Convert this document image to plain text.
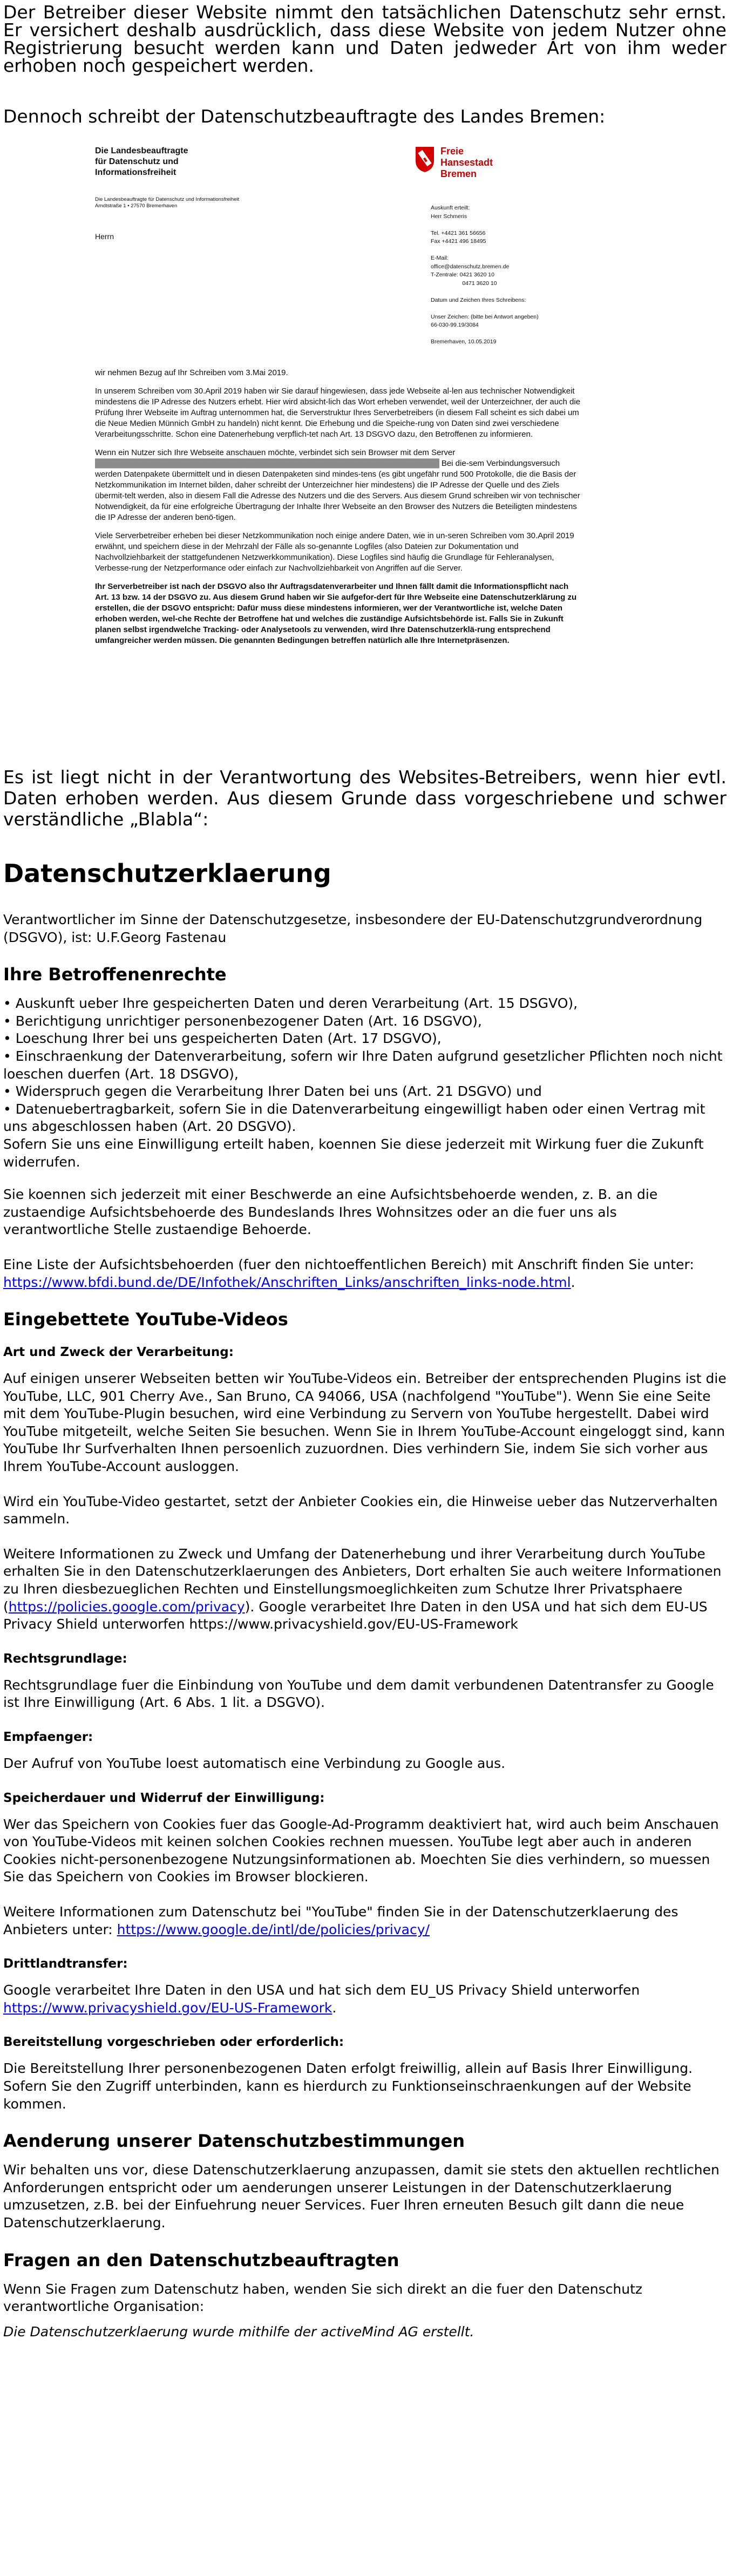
Der Betreiber dieser Website nimmt den tatsächlichen Datenschutz sehr ernst. Er versichert deshalb ausdrücklich, dass diese Website von jedem Nutzer ohne Registrierung besucht werden kann und Daten jedweder Art von ihm weder erhoben noch gespeichert werden.

Dennoch schreibt der Datenschutzbeauftragte des Landes Bremen:
Die Landesbeauftragte
für Datenschutz und
Informationsfreiheit
Freie
Hansestadt
Bremen
Die Landesbeauftragte für Datenschutz und Informationsfreiheit
Arndtstraße 1 • 27570 Bremerhaven
Herrn
Auskunft erteilt:
Herr Schmeris

Tel. +4421 361 56656
Fax +4421 496 18495

E-Mail:
office@datenschutz.bremen.de
T-Zentrale: 0421 3620 10
0471 3620 10

Datum und Zeichen Ihres Schreibens:

Unser Zeichen: (bitte bei Antwort angeben)
66-030-99.19/3084

Bremerhaven, 10.05.2019

wir nehmen Bezug auf Ihr Schreiben vom 3.Mai 2019.

In unserem Schreiben vom 30.April 2019 haben wir Sie darauf hingewiesen, dass jede Webseite al-len aus technischer Notwendigkeit mindestens die IP Adresse des Nutzers erhebt. Hier wird absicht-lich das Wort erheben verwendet, weil der Unterzeichner, der auch die Prüfung Ihrer Webseite im Auftrag unternommen hat, die Serverstruktur Ihres Serverbetreibers (in diesem Fall scheint es sich dabei um die Neue Medien Münnich GmbH zu handeln) nicht kennt. Die Erhebung und die Speiche-rung von Daten sind zwei verschiedene Verarbeitungsschritte. Schon eine Datenerhebung verpflich-tet nach Art. 13 DSGVO dazu, den Betroffenen zu informieren.

Wenn ein Nutzer sich Ihre Webseite anschauen möchte, verbindet sich sein Browser mit dem Server
████████████████████████████████████████████████████████████ Bei die-sem Verbindungsversuch werden Datenpakete übermittelt und in diesen Datenpaketen sind mindes-tens (es gibt ungefähr rund 500 Protokolle, die die Basis der Netzkommunikation im Internet bilden, daher schreibt der Unterzeichner hier mindestens) die IP Adresse der Quelle und des Ziels übermit-telt werden, also in diesem Fall die Adresse des Nutzers und die des Servers. Aus diesem Grund schreiben wir von technischer Notwendigkeit, da für eine erfolgreiche Übertragung der Inhalte Ihrer Webseite an den Browser des Nutzers die Beteiligten mindestens die IP Adresse der anderen benö-tigen.

Viele Serverbetreiber erheben bei dieser Netzkommunikation noch einige andere Daten, wie in un-seren Schreiben vom 30.April 2019 erwähnt, und speichern diese in der Mehrzahl der Fälle als so-genannte Logfiles (also Dateien zur Dokumentation und Nachvollziehbarkeit der stattgefundenen Netzwerkkommunikation). Diese Logfiles sind häufig die Grundlage für Fehleranalysen, Verbesse-rung der Netzperformance oder einfach zur Nachvollziehbarkeit von Angriffen auf die Server.

Ihr Serverbetreiber ist nach der DSGVO also Ihr Auftragsdatenverarbeiter und Ihnen fällt damit die Informationspflicht nach Art. 13 bzw. 14 der DSGVO zu. Aus diesem Grund haben wir Sie aufgefor-dert für Ihre Webseite eine Datenschutzerklärung zu erstellen, die der DSGVO entspricht: Dafür muss diese mindestens informieren, wer der Verantwortliche ist, welche Daten erhoben werden, wel-che Rechte der Betroffene hat und welches die zuständige Aufsichtsbehörde ist. Falls Sie in Zukunft planen selbst irgendwelche Tracking- oder Analysetools zu verwenden, wird Ihre Datenschutzerklä-rung entsprechend umfangreicher werden müssen. Die genannten Bedingungen betreffen natürlich alle Ihre Internetpräsenzen.

Es ist liegt nicht in der Verantwortung des Websites-Betreibers, wenn hier evtl. Daten erhoben werden. Aus diesem Grunde dass vorgeschriebene und schwer verständliche „Blabla“:

Datenschutzerklaerung

Verantwortlicher im Sinne der Datenschutzgesetze, insbesondere der EU-Datenschutzgrundverordnung (DSGVO), ist: U.F.Georg Fastenau

Ihre Betroffenenrechte
• Auskunft ueber Ihre gespeicherten Daten und deren Verarbeitung (Art. 15 DSGVO),
• Berichtigung unrichtiger personenbezogener Daten (Art. 16 DSGVO),
• Loeschung Ihrer bei uns gespeicherten Daten (Art. 17 DSGVO),
• Einschraenkung der Datenverarbeitung, sofern wir Ihre Daten aufgrund gesetzlicher Pflichten noch nicht loeschen duerfen (Art. 18 DSGVO),
• Widerspruch gegen die Verarbeitung Ihrer Daten bei uns (Art. 21 DSGVO) und
• Datenuebertragbarkeit, sofern Sie in die Datenverarbeitung eingewilligt haben oder einen Vertrag mit uns abgeschlossen haben (Art. 20 DSGVO).
Sofern Sie uns eine Einwilligung erteilt haben, koennen Sie diese jederzeit mit Wirkung fuer die Zukunft widerrufen.

Sie koennen sich jederzeit mit einer Beschwerde an eine Aufsichtsbehoerde wenden, z. B. an die zustaendige Aufsichtsbehoerde des Bundeslands Ihres Wohnsitzes oder an die fuer uns als verantwortliche Stelle zustaendige Behoerde.

Eine Liste der Aufsichtsbehoerden (fuer den nichtoeffentlichen Bereich) mit Anschrift finden Sie unter: https://www.bfdi.bund.de/DE/Infothek/Anschriften_Links/anschriften_links-node.html.

Eingebettete YouTube-Videos
Art und Zweck der Verarbeitung:

Auf einigen unserer Webseiten betten wir YouTube-Videos ein. Betreiber der entsprechenden Plugins ist die YouTube, LLC, 901 Cherry Ave., San Bruno, CA 94066, USA (nachfolgend "YouTube"). Wenn Sie eine Seite mit dem YouTube-Plugin besuchen, wird eine Verbindung zu Servern von YouTube hergestellt. Dabei wird YouTube mitgeteilt, welche Seiten Sie besuchen. Wenn Sie in Ihrem YouTube-Account eingeloggt sind, kann YouTube Ihr Surfverhalten Ihnen persoenlich zuzuordnen. Dies verhindern Sie, indem Sie sich vorher aus Ihrem YouTube-Account ausloggen.

Wird ein YouTube-Video gestartet, setzt der Anbieter Cookies ein, die Hinweise ueber das Nutzerverhalten sammeln.

Weitere Informationen zu Zweck und Umfang der Datenerhebung und ihrer Verarbeitung durch YouTube erhalten Sie in den Datenschutzerklaerungen des Anbieters, Dort erhalten Sie auch weitere Informationen zu Ihren diesbezueglichen Rechten und Einstellungsmoeglichkeiten zum Schutze Ihrer Privatsphaere (https://policies.google.com/privacy). Google verarbeitet Ihre Daten in den USA und hat sich dem EU-US Privacy Shield unterworfen https://www.privacyshield.gov/EU-US-Framework

Rechtsgrundlage:

Rechtsgrundlage fuer die Einbindung von YouTube und dem damit verbundenen Datentransfer zu Google ist Ihre Einwilligung (Art. 6 Abs. 1 lit. a DSGVO).

Empfaenger:

Der Aufruf von YouTube loest automatisch eine Verbindung zu Google aus.

Speicherdauer und Widerruf der Einwilligung:

Wer das Speichern von Cookies fuer das Google-Ad-Programm deaktiviert hat, wird auch beim Anschauen von YouTube-Videos mit keinen solchen Cookies rechnen muessen. YouTube legt aber auch in anderen Cookies nicht-personenbezogene Nutzungsinformationen ab. Moechten Sie dies verhindern, so muessen Sie das Speichern von Cookies im Browser blockieren.

Weitere Informationen zum Datenschutz bei "YouTube" finden Sie in der Datenschutzerklaerung des Anbieters unter: https://www.google.de/intl/de/policies/privacy/

Drittlandtransfer:

Google verarbeitet Ihre Daten in den USA und hat sich dem EU_US Privacy Shield unterworfen https://www.privacyshield.gov/EU-US-Framework.

Bereitstellung vorgeschrieben oder erforderlich:

Die Bereitstellung Ihrer personenbezogenen Daten erfolgt freiwillig, allein auf Basis Ihrer Einwilligung. Sofern Sie den Zugriff unterbinden, kann es hierdurch zu Funktionseinschraenkungen auf der Website kommen.

Aenderung unserer Datenschutzbestimmungen

Wir behalten uns vor, diese Datenschutzerklaerung anzupassen, damit sie stets den aktuellen rechtlichen Anforderungen entspricht oder um aenderungen unserer Leistungen in der Datenschutzerklaerung umzusetzen, z.B. bei der Einfuehrung neuer Services. Fuer Ihren erneuten Besuch gilt dann die neue Datenschutzerklaerung.

Fragen an den Datenschutzbeauftragten

Wenn Sie Fragen zum Datenschutz haben, wenden Sie sich direkt an die fuer den Datenschutz verantwortliche Organisation:

Die Datenschutzerklaerung wurde mithilfe der activeMind AG erstellt.
